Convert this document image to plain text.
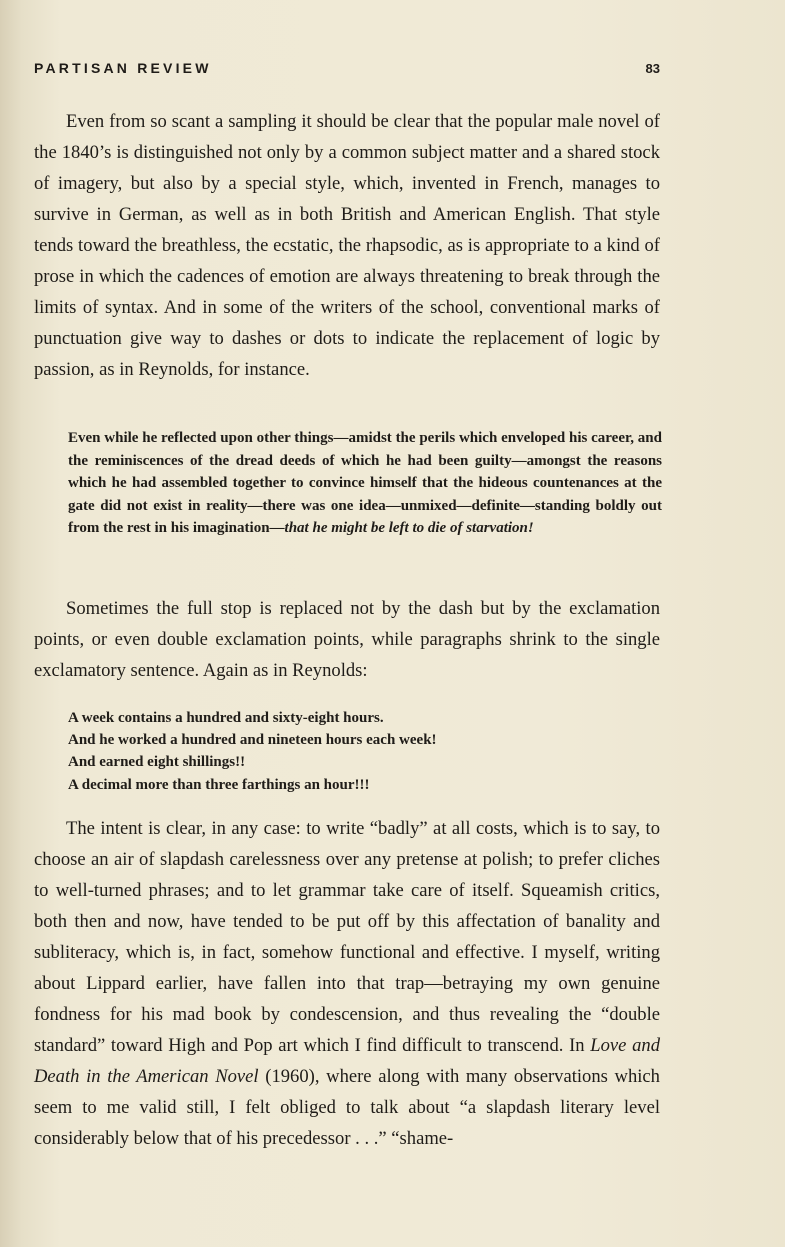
PARTISAN REVIEW	83

Even from so scant a sampling it should be clear that the popular male novel of the 1840’s is distinguished not only by a common subject matter and a shared stock of imagery, but also by a special style, which, invented in French, manages to survive in German, as well as in both British and American English. That style tends toward the breathless, the ecstatic, the rhapsodic, as is appropriate to a kind of prose in which the cadences of emotion are always threatening to break through the limits of syntax. And in some of the writers of the school, conventional marks of punctuation give way to dashes or dots to indicate the replacement of logic by passion, as in Reynolds, for instance.

Even while he reflected upon other things—amidst the perils which enveloped his career, and the reminiscences of the dread deeds of which he had been guilty—amongst the reasons which he had assembled together to convince himself that the hideous countenances at the gate did not exist in reality—there was one idea—unmixed—definite—standing boldly out from the rest in his imagination—that he might be left to die of starvation!

Sometimes the full stop is replaced not by the dash but by the exclamation points, or even double exclamation points, while paragraphs shrink to the single exclamatory sentence. Again as in Reynolds:

A week contains a hundred and sixty-eight hours.
And he worked a hundred and nineteen hours each week!
And earned eight shillings!!
A decimal more than three farthings an hour!!!

The intent is clear, in any case: to write “badly” at all costs, which is to say, to choose an air of slapdash carelessness over any pretense at polish; to prefer cliches to well-turned phrases; and to let grammar take care of itself. Squeamish critics, both then and now, have tended to be put off by this affectation of banality and subliteracy, which is, in fact, somehow functional and effective. I myself, writing about Lippard earlier, have fallen into that trap—betraying my own genuine fondness for his mad book by condescension, and thus revealing the “double standard” toward High and Pop art which I find difficult to transcend. In Love and Death in the American Novel (1960), where along with many observations which seem to me valid still, I felt obliged to talk about “a slapdash literary level considerably below that of his precedessor . . .” “shame-
